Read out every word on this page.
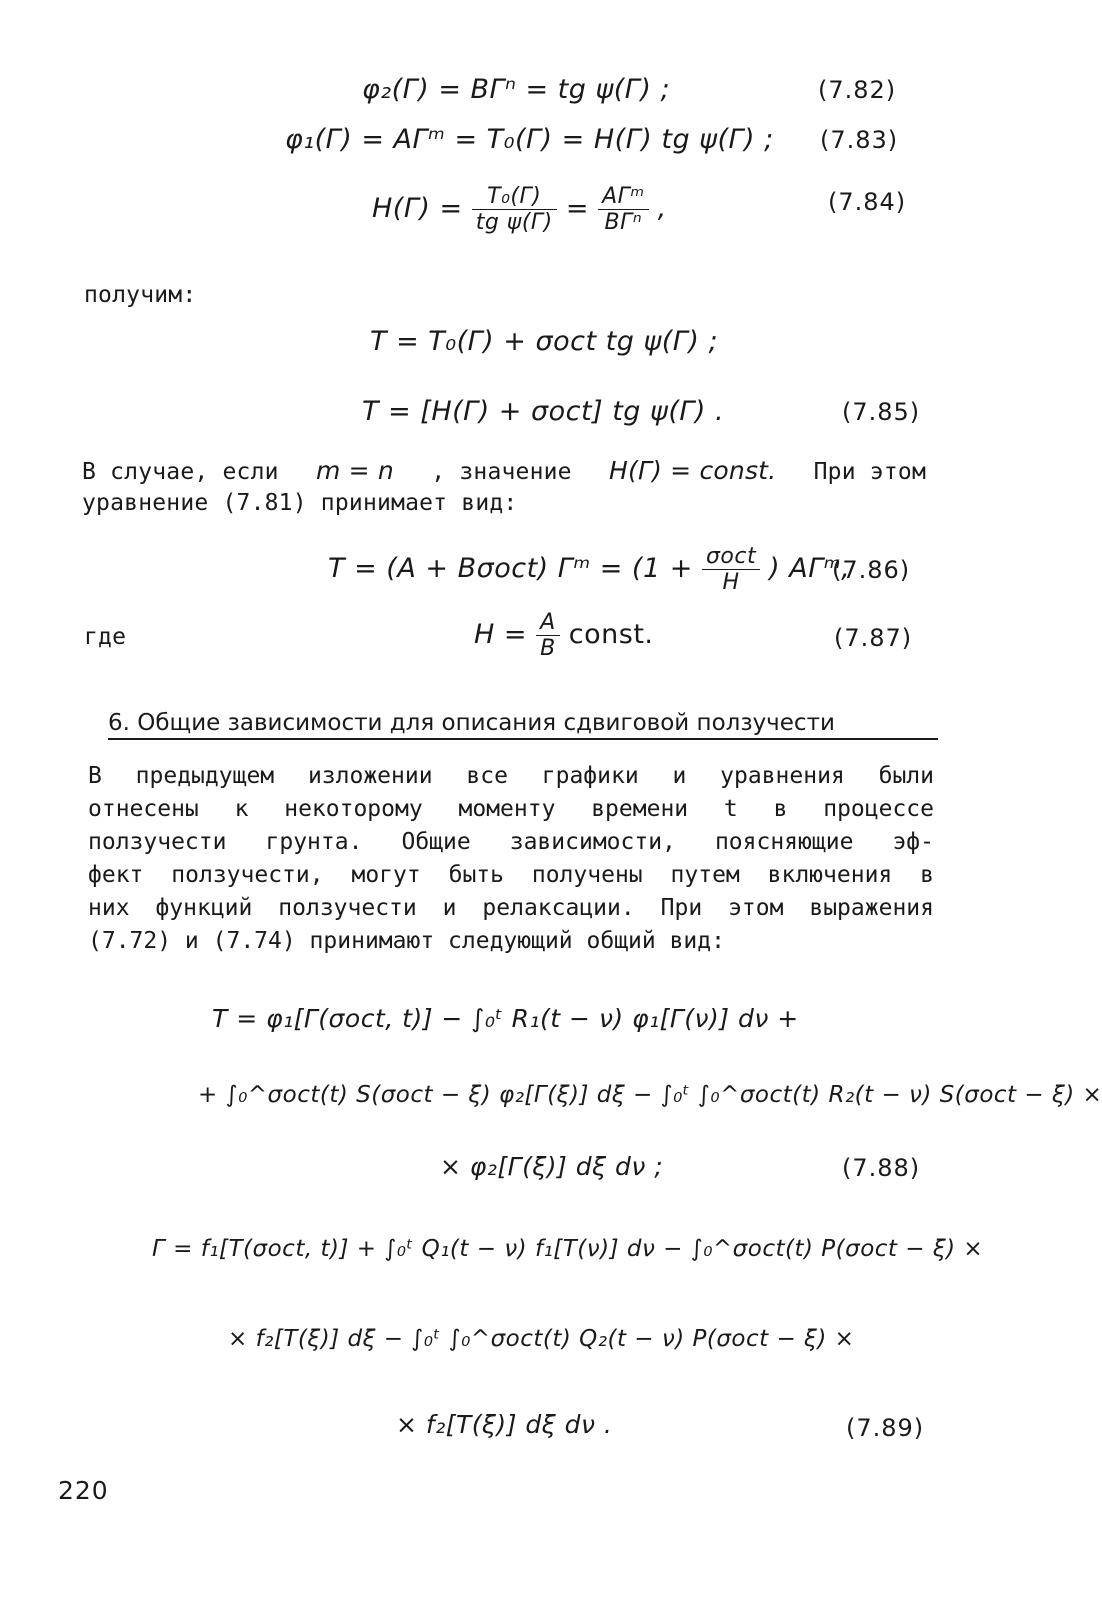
φ₂(Γ) = BΓⁿ = tg ψ(Γ) ;	(7.82)
φ₁(Γ) = AΓᵐ = T₀(Γ) = H(Γ) tg ψ(Γ) ; (7.83)
$H(\Gamma) = \frac{\text{T₀(Γ)}}{\text{tg ψ(Γ)}} = \frac{\text{AΓᵐ}}{\text{BΓⁿ}}$ ,	(7.84)
получим:
T = T₀(Γ) + σoct tg ψ(Γ) ;
T = [H(Γ) + σoct] tg ψ(Γ) .	(7.85)
В случае, если m = n , значение H(Γ) = const. При этом
уравнение (7.81) принимает вид:
T = (A + Bσoct) Γᵐ = ($1 + \frac{\text{σoct}}{H}$ ) AΓᵐ,
(7.86)
где	$H = \frac{A}{B}$ const.	(7.87)
6. Общие зависимости для описания сдвиговой ползучести
В предыдущем изложении все графики и уравнения были
отнесены к некоторому моменту времени t в процессе
ползучести грунта. Общие зависимости, поясняющие эф-
фект ползучести, могут быть получены путем включения в
них функций ползучести и релаксации. При этом выражения
(7.72) и (7.74) принимают следующий общий вид:
T = φ₁[Γ(σoct, t)] − ∫₀ᵗ R₁(t − ν) φ₁[Γ(ν)] dν +
+ ∫₀^σoct(t) S(σoct − ξ) φ₂[Γ(ξ)] dξ − ∫₀ᵗ ∫₀^σoct(t) R₂(t − ν) S(σoct − ξ) ×
× φ₂[Γ(ξ)] dξ dν ;	(7.88)
Γ = f₁[T(σoct, t)] + ∫₀ᵗ Q₁(t − ν) f₁[T(ν)] dν − ∫₀^σoct(t) P(σoct − ξ) ×
× f₂[T(ξ)] dξ − ∫₀ᵗ ∫₀^σoct(t) Q₂(t − ν) P(σoct − ξ) ×
× f₂[T(ξ)] dξ dν .	(7.89)
220
